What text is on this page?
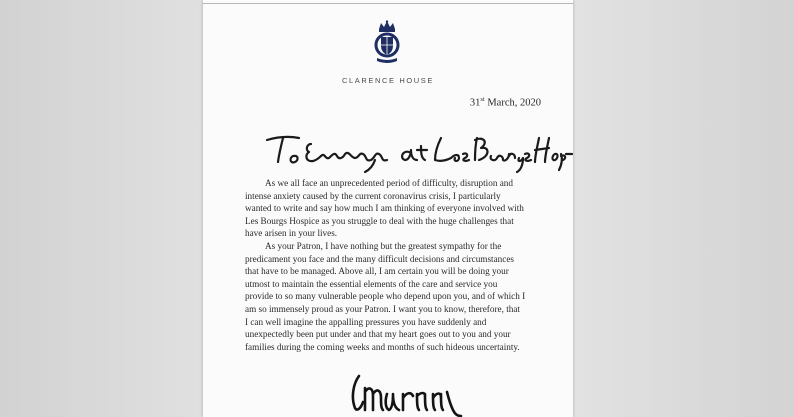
CLARENCE HOUSE
31st March, 2020

As we all face an unprecedented period of difficulty, disruption and

intense anxiety caused by the current coronavirus crisis, I particularly

wanted to write and say how much I am thinking of everyone involved with

Les Bourgs Hospice as you struggle to deal with the huge challenges that

have arisen in your lives.

As your Patron, I have nothing but the greatest sympathy for the

predicament you face and the many difficult decisions and circumstances

that have to be managed. Above all, I am certain you will be doing your

utmost to maintain the essential elements of the care and service you

provide to so many vulnerable people who depend upon you, and of which I

am so immensely proud as your Patron. I want you to know, therefore, that

I can well imagine the appalling pressures you have suddenly and

unexpectedly been put under and that my heart goes out to you and your

families during the coming weeks and months of such hideous uncertainty.
